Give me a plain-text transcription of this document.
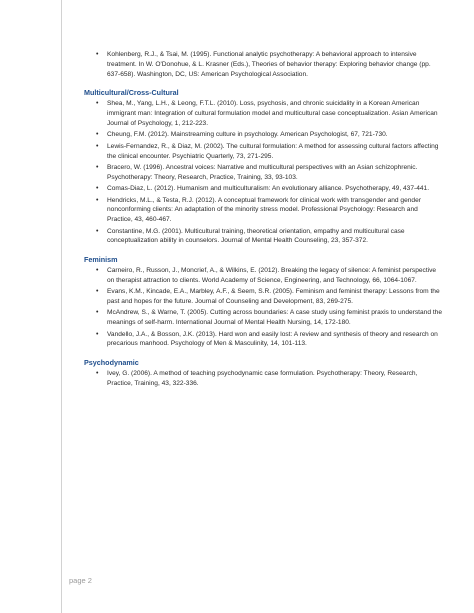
• Kohlenberg, R.J., & Tsai, M. (1995). Functional analytic psychotherapy: A behavioral approach to intensive treatment. In W. O'Donohue, & L. Krasner (Eds.), Theories of behavior therapy: Exploring behavior change (pp. 637-658). Washington, DC, US: American Psychological Association.
Multicultural/Cross-Cultural
• Shea, M., Yang, L.H., & Leong, F.T.L. (2010). Loss, psychosis, and chronic suicidality in a Korean American immigrant man: Integration of cultural formulation model and multicultural case conceptualization. Asian American Journal of Psychology, 1, 212-223.
• Cheung, F.M. (2012). Mainstreaming culture in psychology. American Psychologist, 67, 721-730.
• Lewis-Fernandez, R., & Diaz, M. (2002). The cultural formulation: A method for assessing cultural factors affecting the clinical encounter. Psychiatric Quarterly, 73, 271-295.
• Bracero, W. (1996). Ancestral voices: Narrative and multicultural perspectives with an Asian schizophrenic. Psychotherapy: Theory, Research, Practice, Training, 33, 93-103.
• Comas-Diaz, L. (2012). Humanism and multiculturalism: An evolutionary alliance. Psychotherapy, 49, 437-441.
• Hendricks, M.L., & Testa, R.J. (2012). A conceptual framework for clinical work with transgender and gender nonconforming clients: An adaptation of the minority stress model. Professional Psychology: Research and Practice, 43, 460-467.
• Constantine, M.G. (2001). Multicultural training, theoretical orientation, empathy and multicultural case conceptualization ability in counselors. Journal of Mental Health Counseling, 23, 357-372.
Feminism
• Carneiro, R., Russon, J., Moncrief, A., & Wilkins, E. (2012). Breaking the legacy of silence: A feminist perspective on therapist attraction to clients. World Academy of Science, Engineering, and Technology, 66, 1064-1067.
• Evans, K.M., Kincade, E.A., Marbley, A.F., & Seem, S.R. (2005). Feminism and feminist therapy: Lessons from the past and hopes for the future. Journal of Counseling and Development, 83, 269-275.
• McAndrew, S., & Warne, T. (2005). Cutting across boundaries: A case study using feminist praxis to understand the meanings of self-harm. International Journal of Mental Health Nursing, 14, 172-180.
• Vandello, J.A., & Bosson, J.K. (2013). Hard won and easily lost: A review and synthesis of theory and research on precarious manhood. Psychology of Men & Masculinity, 14, 101-113.
Psychodynamic
• Ivey, G. (2006). A method of teaching psychodynamic case formulation. Psychotherapy: Theory, Research, Practice, Training, 43, 322-336.
page 2
